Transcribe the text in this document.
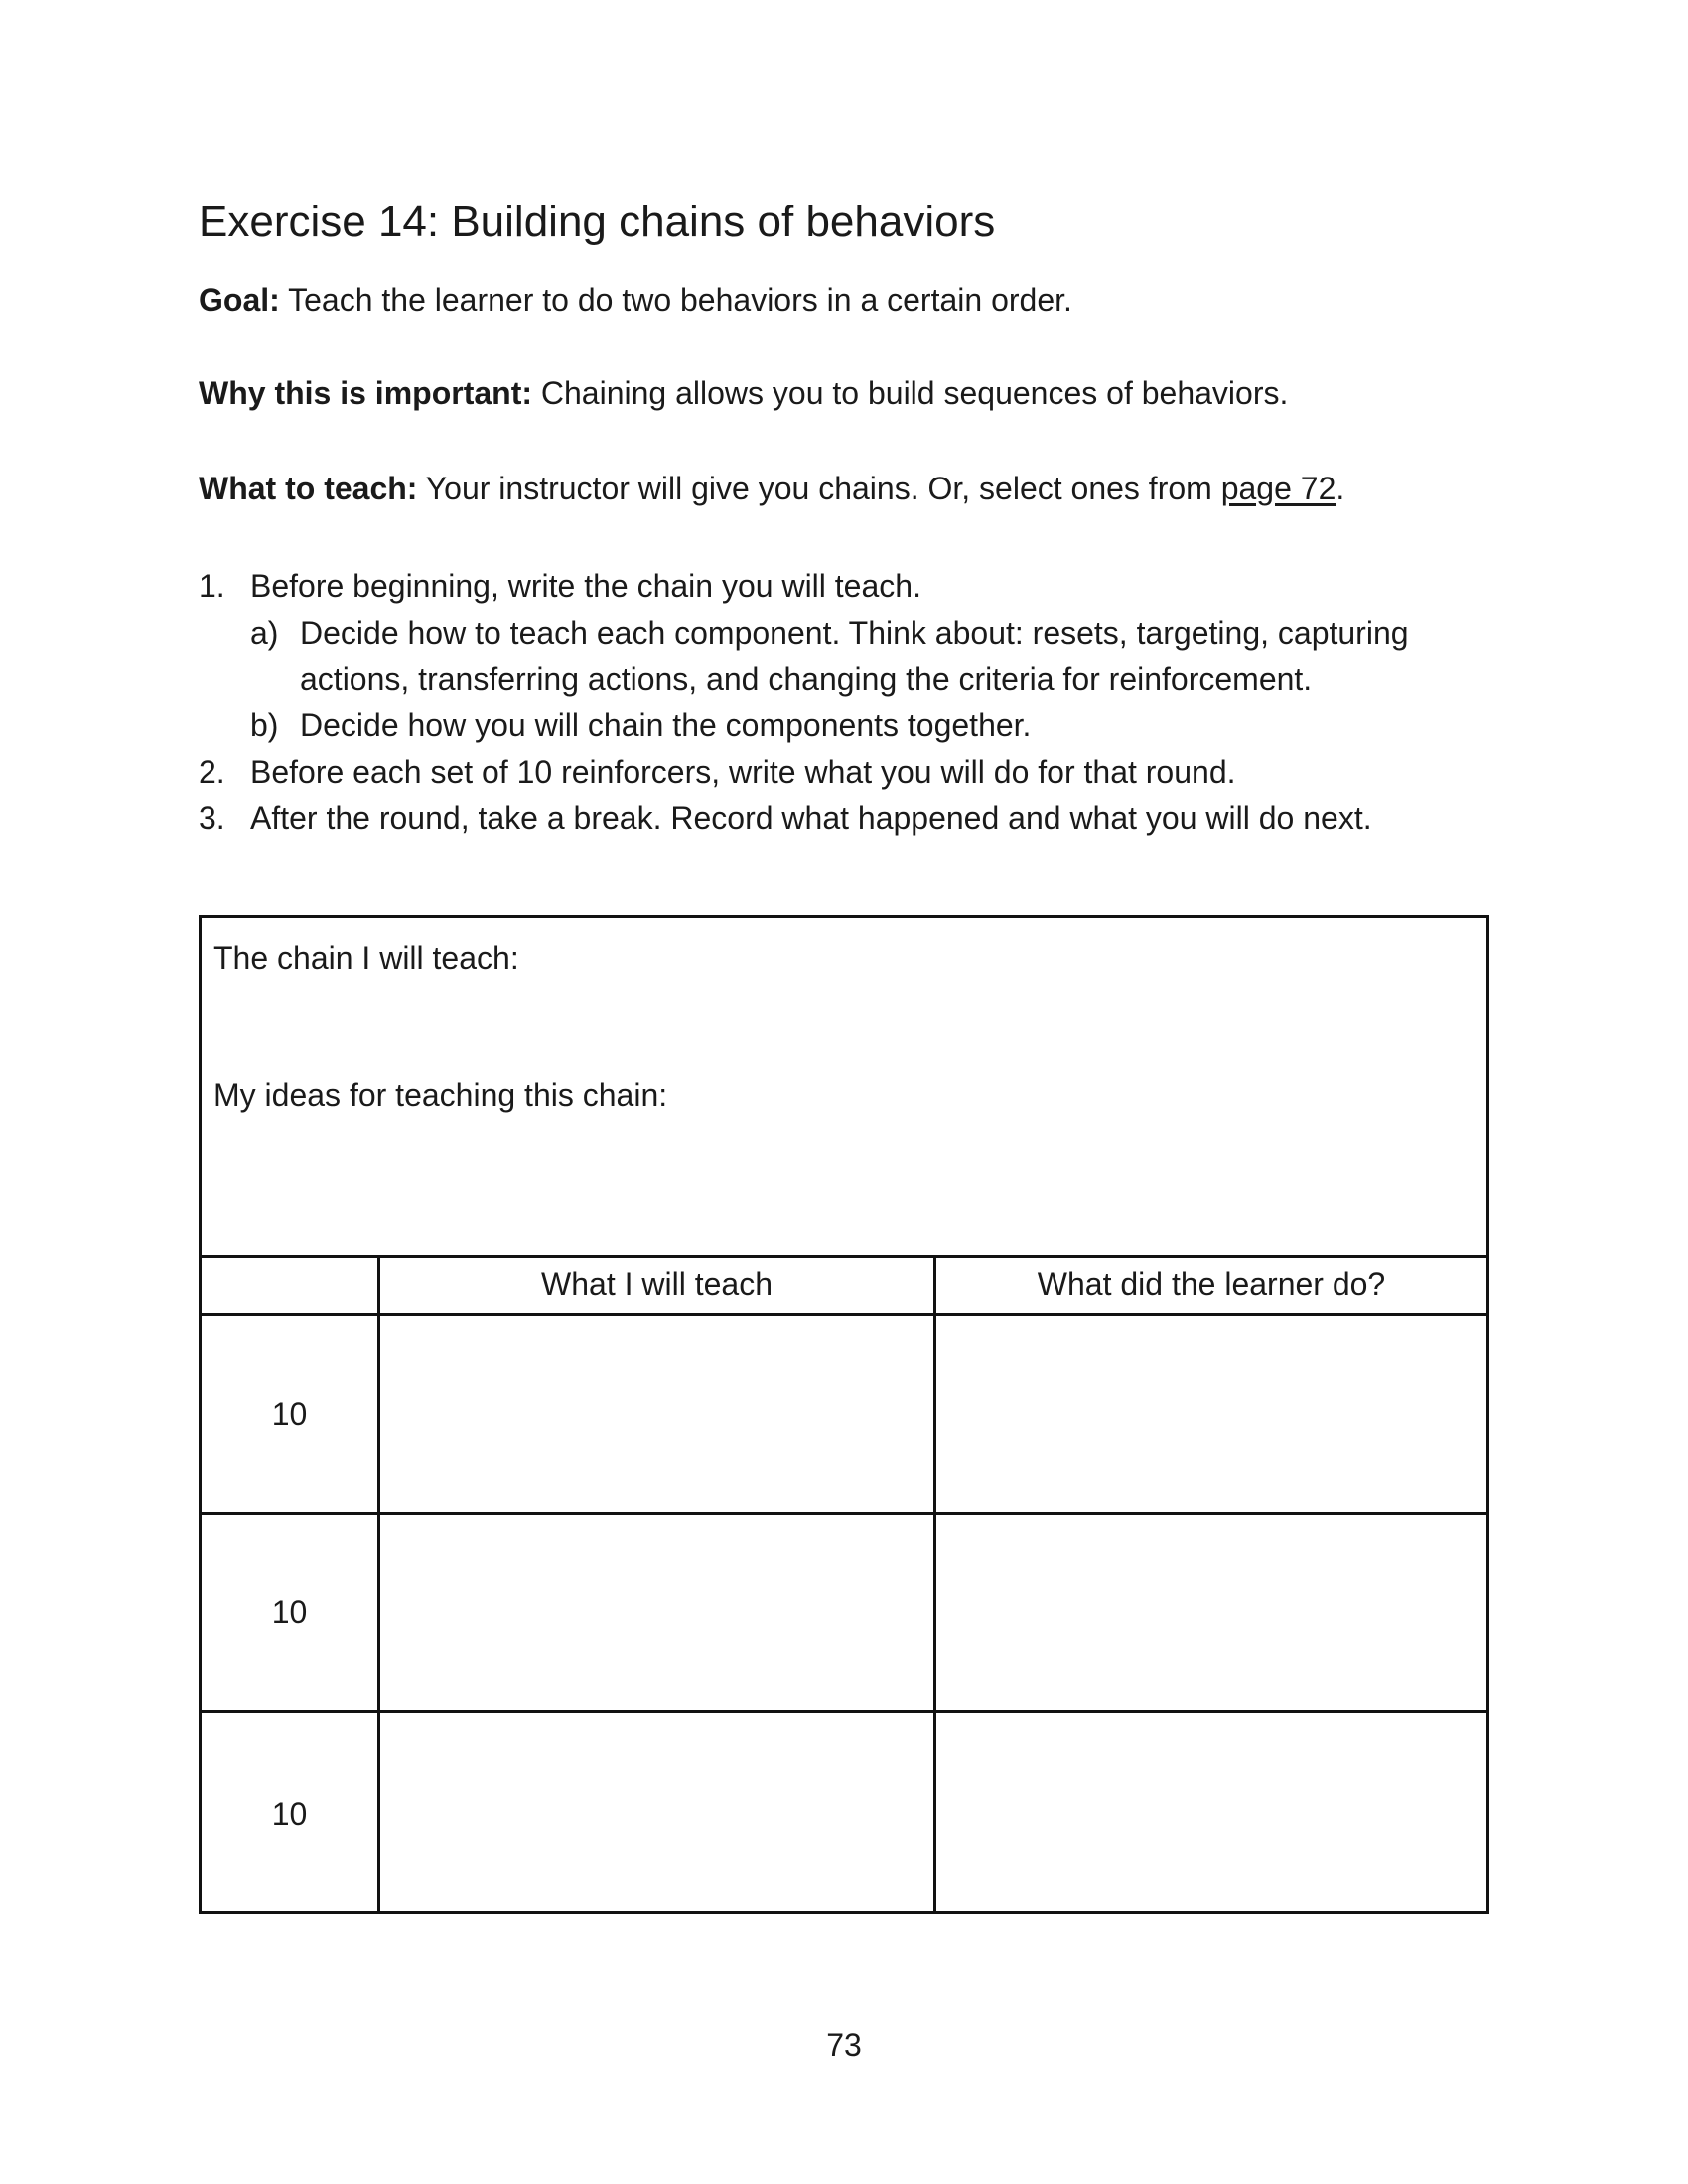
Exercise 14: Building chains of behaviors

Goal: Teach the learner to do two behaviors in a certain order.

Why this is important: Chaining allows you to build sequences of behaviors.

What to teach: Your instructor will give you chains. Or, select ones from page 72.

1. Before beginning, write the chain you will teach.
a) Decide how to teach each component. Think about: resets, targeting, capturing
actions, transferring actions, and changing the criteria for reinforcement.
b) Decide how you will chain the components together.
2. Before each set of 10 reinforcers, write what you will do for that round.
3. After the round, take a break. Record what happened and what you will do next.
The chain I will teach:
My ideas for teaching this chain:
What I will teach	What did the learner do?
10
10
10
73
